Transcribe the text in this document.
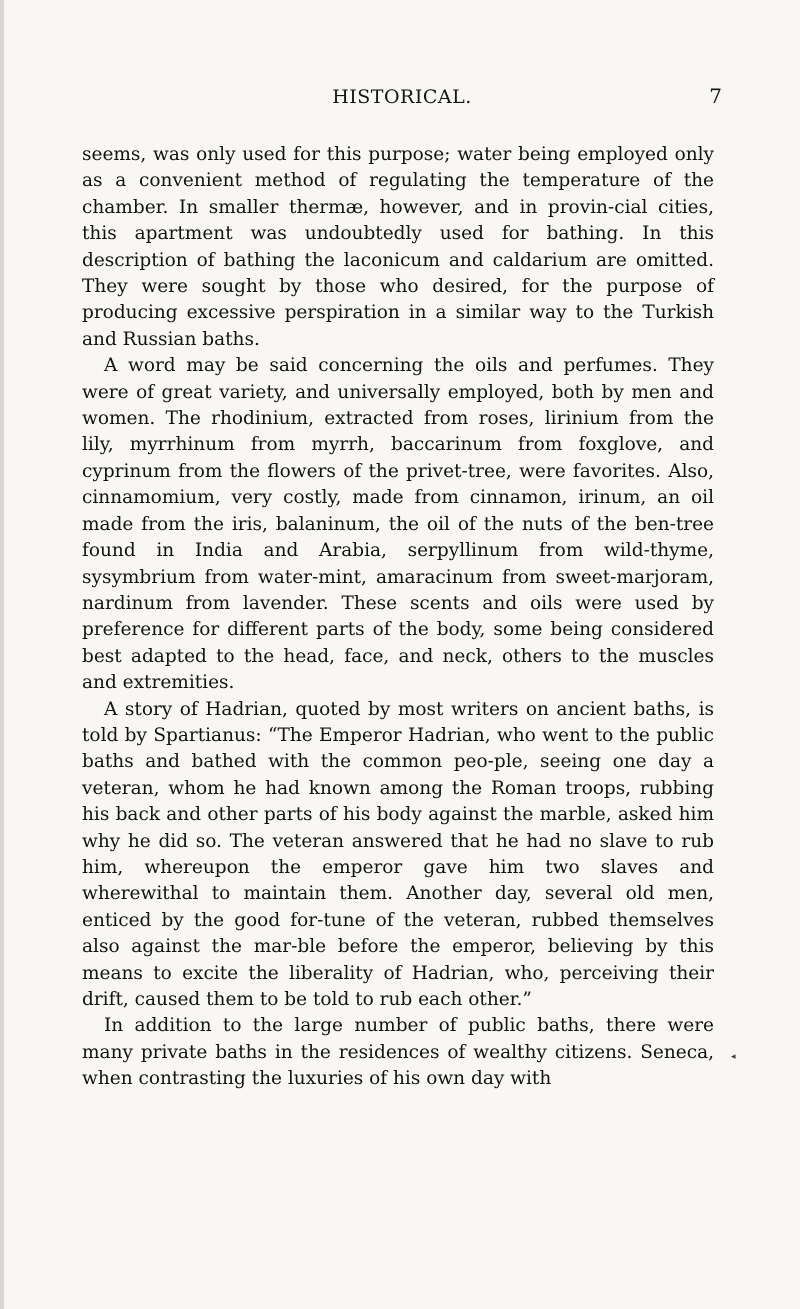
HISTORICAL.	7

seems, was only used for this purpose; water being employed only as a convenient method of regulating the temperature of the chamber. In smaller thermæ, however, and in provin-cial cities, this apartment was undoubtedly used for bathing. In this description of bathing the laconicum and caldarium are omitted. They were sought by those who desired, for the purpose of producing excessive perspiration in a similar way to the Turkish and Russian baths.

A word may be said concerning the oils and perfumes. They were of great variety, and universally employed, both by men and women. The rhodinium, extracted from roses, lirinium from the lily, myrrhinum from myrrh, baccarinum from foxglove, and cyprinum from the flowers of the privet-tree, were favorites. Also, cinnamomium, very costly, made from cinnamon, irinum, an oil made from the iris, balaninum, the oil of the nuts of the ben-tree found in India and Arabia, serpyllinum from wild-thyme, sysymbrium from water-mint, amaracinum from sweet-marjoram, nardinum from lavender. These scents and oils were used by preference for different parts of the body, some being considered best adapted to the head, face, and neck, others to the muscles and extremities.

A story of Hadrian, quoted by most writers on ancient baths, is told by Spartianus: “The Emperor Hadrian, who went to the public baths and bathed with the common peo-ple, seeing one day a veteran, whom he had known among the Roman troops, rubbing his back and other parts of his body against the marble, asked him why he did so. The veteran answered that he had no slave to rub him, whereupon the emperor gave him two slaves and wherewithal to maintain them. Another day, several old men, enticed by the good for-tune of the veteran, rubbed themselves also against the mar-ble before the emperor, believing by this means to excite the liberality of Hadrian, who, perceiving their drift, caused them to be told to rub each other.”

In addition to the large number of public baths, there were many private baths in the residences of wealthy citizens. Seneca, when contrasting the luxuries of his own day with

◂
